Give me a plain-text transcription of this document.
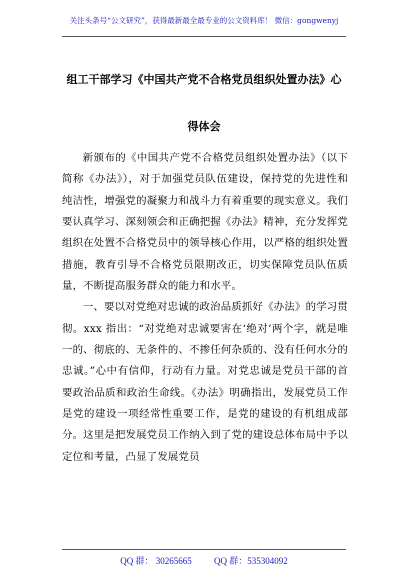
关注头条号“公文研究”，获得最新最全最专业的公文资料库！ 微信：gongwenyj
组工干部学习《中国共产党不合格党员组织处置办法》心
得体会

新颁布的《中国共产党不合格党员组织处置办法》（以下简称《办法》），对于加强党员队伍建设，保持党的先进性和纯洁性，增强党的凝聚力和战斗力有着重要的现实意义。我们要认真学习、深刻领会和正确把握《办法》精神，充分发挥党组织在处置不合格党员中的领导核心作用，以严格的组织处置措施，教育引导不合格党员限期改正，切实保障党员队伍质量，不断提高服务群众的能力和水平。

一、要以对党绝对忠诚的政治品质抓好《办法》的学习贯彻。xxx 指出：“对党绝对忠诚要害在‘绝对’两个字，就是唯一的、彻底的、无条件的、不掺任何杂质的、没有任何水分的忠诚。”心中有信仰，行动有力量。对党忠诚是党员干部的首要政治品质和政治生命线。《办法》明确指出，发展党员工作是党的建设一项经常性重要工作，是党的建设的有机组成部分。这里是把发展党员工作纳入到了党的建设总体布局中予以定位和考量，凸显了发展党员

QQ 群： 30265665 QQ 群：535304092
